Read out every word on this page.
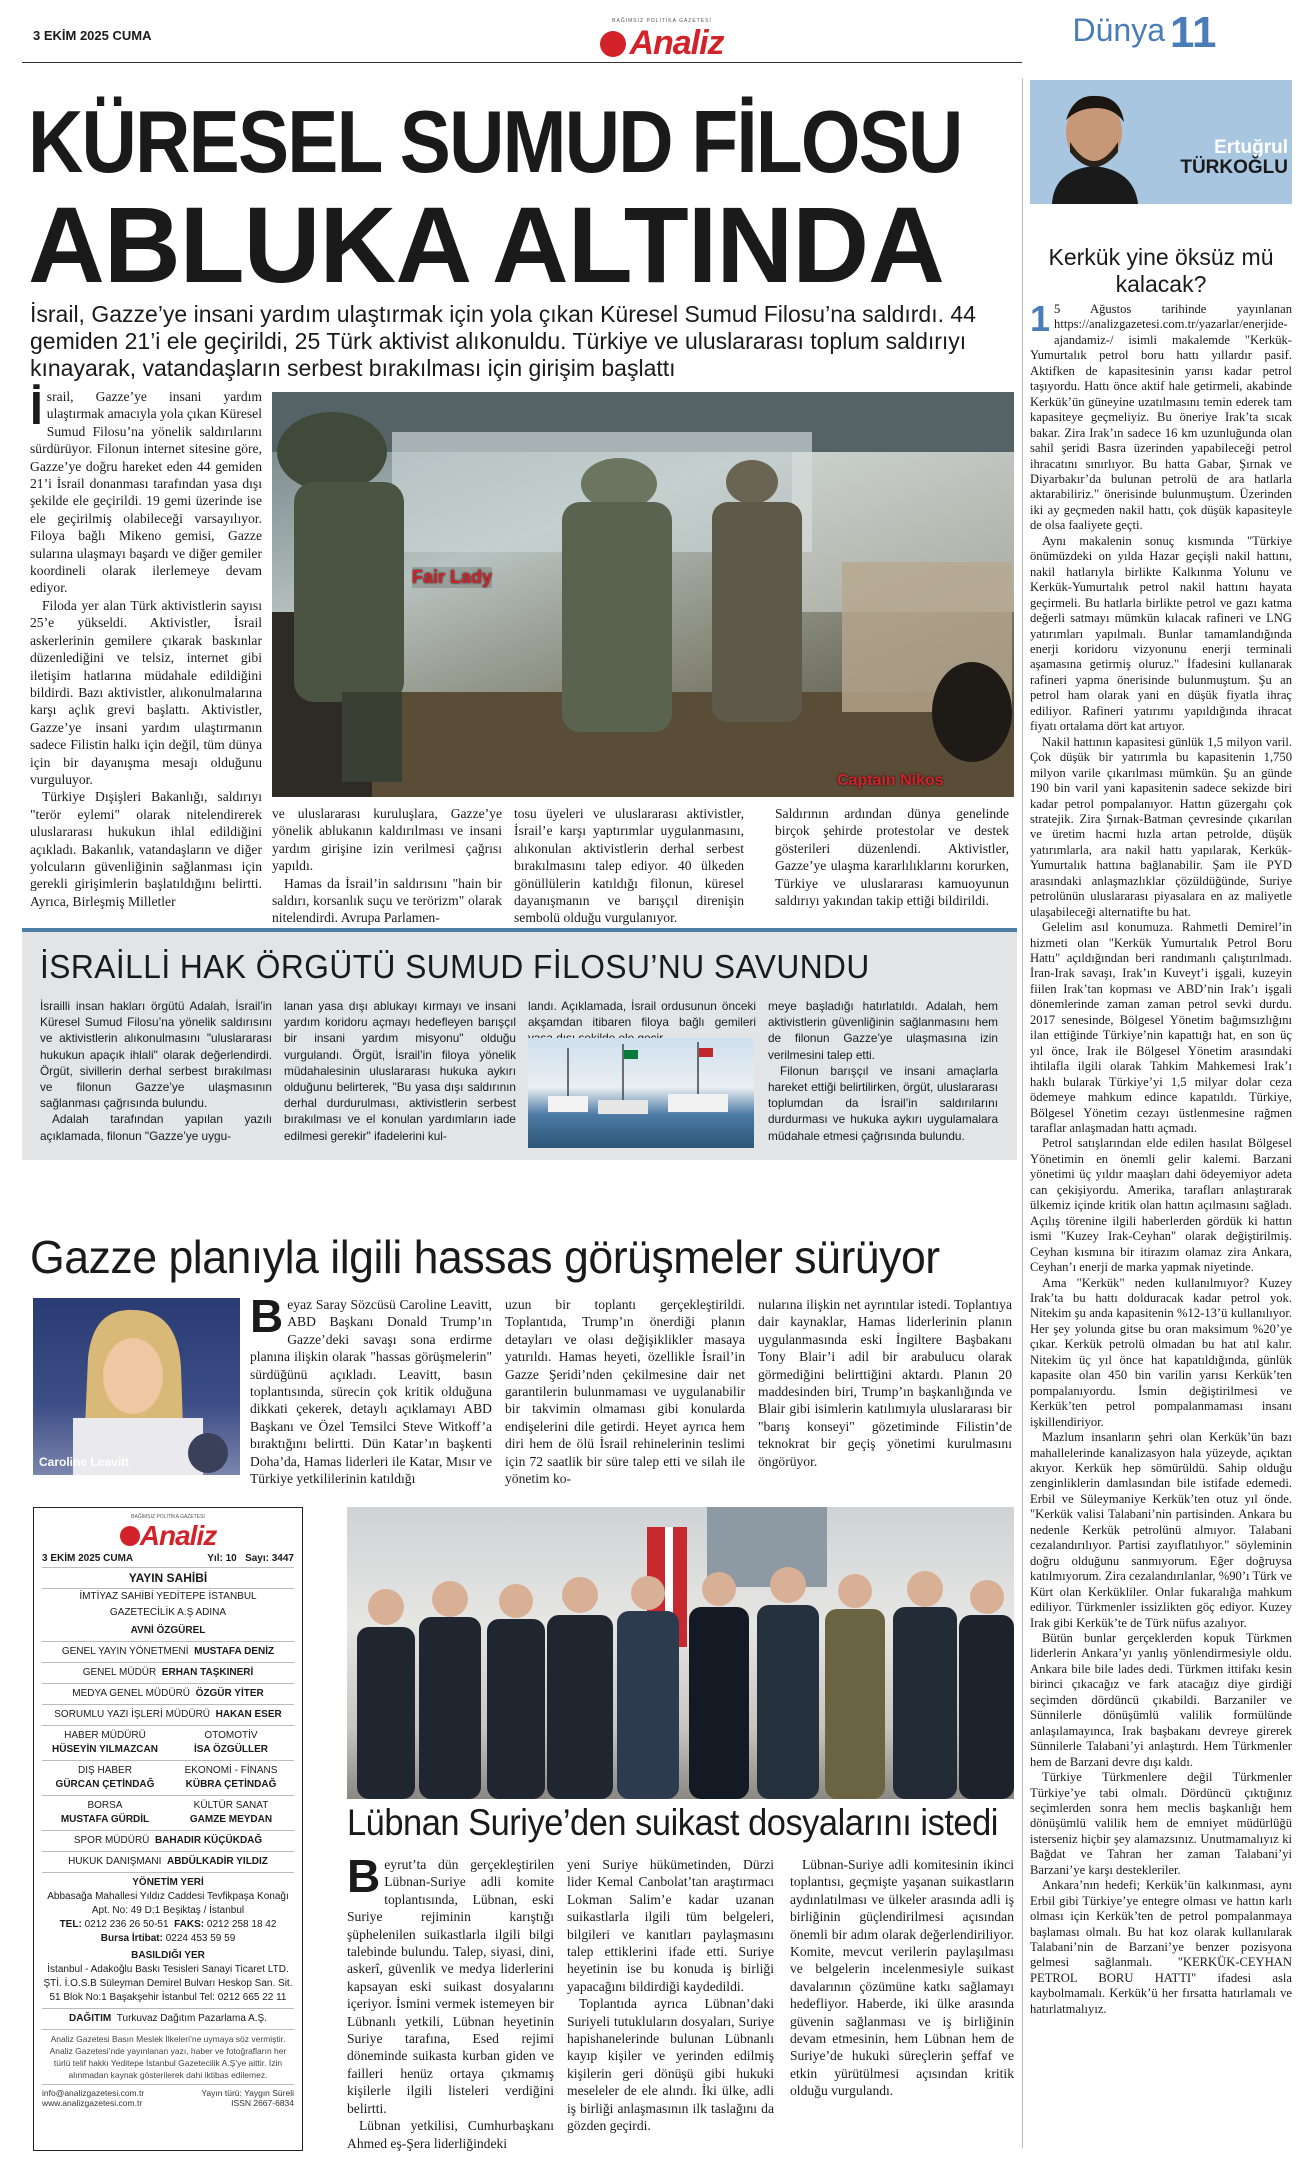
3 EKİM 2025 CUMA
BAĞIMSIZ POLİTİKA GAZETESİ
Analiz	Dünya 11
KÜRESEL SUMUD FİLOSU
ABLUKA ALTINDA
İsrail, Gazze’ye insani yardım ulaştırmak için yola çıkan Küresel Sumud Filosu’na saldırdı. 44 gemiden 21’i ele geçirildi, 25 Türk aktivist alıkonuldu. Türkiye ve uluslararası toplum saldırıyı kınayarak, vatandaşların serbest bırakılması için girişim başlattı
Fair Lady
Captain Nikos

İsrail, Gazze’ye insani yardım ulaştırmak amacıyla yola çıkan Küresel Sumud Filosu’na yönelik saldırılarını sürdürüyor. Filonun internet sitesine göre, Gazze’ye doğru hareket eden 44 gemiden 21’i İsrail donanması tarafından yasa dışı şekilde ele geçirildi. 19 gemi üzerinde ise ele geçirilmiş olabileceği varsayılıyor. Filoya bağlı Mikeno gemisi, Gazze sularına ulaşmayı başardı ve diğer gemiler koordineli olarak ilerlemeye devam ediyor.

Filoda yer alan Türk aktivistlerin sayısı 25’e yükseldi. Aktivistler, İsrail askerlerinin gemilere çıkarak baskınlar düzenlediğini ve telsiz, internet gibi iletişim hatlarına müdahale edildiğini bildirdi. Bazı aktivistler, alıkonulmalarına karşı açlık grevi başlattı. Aktivistler, Gazze’ye insani yardım ulaştırmanın sadece Filistin halkı için değil, tüm dünya için bir dayanışma mesajı olduğunu vurguluyor.

Türkiye Dışişleri Bakanlığı, saldırıyı "terör eylemi" olarak nitelendirerek uluslararası hukukun ihlal edildiğini açıkladı. Bakanlık, vatandaşların ve diğer yolcuların güvenliğinin sağlanması için gerekli girişimlerin başlatıldığını belirtti. Ayrıca, Birleşmiş Milletler

ve uluslararası kuruluşlara, Gazze’ye yönelik ablukanın kaldırılması ve insani yardım girişine izin verilmesi çağrısı yapıldı.

Hamas da İsrail’in saldırısını "hain bir saldırı, korsanlık suçu ve terörizm" olarak nitelendirdi. Avrupa Parlamen-

tosu üyeleri ve uluslararası aktivistler, İsrail’e karşı yaptırımlar uygulanmasını, alıkonulan aktivistlerin derhal serbest bırakılmasını talep ediyor. 40 ülkeden gönüllülerin katıldığı filonun, küresel dayanışmanın ve barışçıl direnişin sembolü olduğu vurgulanıyor.

Saldırının ardından dünya genelinde birçok şehirde protestolar ve destek gösterileri düzenlendi. Aktivistler, Gazze’ye ulaşma kararlılıklarını korurken, Türkiye ve uluslararası kamuoyunun saldırıyı yakından takip ettiği bildirildi.

İSRAİLLİ HAK ÖRGÜTÜ SUMUD FİLOSU’NU SAVUNDU

İsrailli insan hakları örgütü Adalah, İsrail’in Küresel Sumud Filosu’na yönelik saldırısını ve aktivistlerin alıkonulmasını "uluslararası hukukun apaçık ihlali" olarak değerlendirdi. Örgüt, sivillerin derhal serbest bırakılması ve filonun Gazze’ye ulaşmasının sağlanması çağrısında bulundu.

Adalah tarafından yapılan yazılı açıklamada, filonun "Gazze’ye uygu-

lanan yasa dışı ablukayı kırmayı ve insani yardım koridoru açmayı hedefleyen barışçıl bir insani yardım misyonu" olduğu vurgulandı. Örgüt, İsrail’in filoya yönelik müdahalesinin uluslararası hukuka aykırı olduğunu belirterek, "Bu yasa dışı saldırının derhal durdurulması, aktivistlerin serbest bırakılması ve el konulan yardımların iade edilmesi gerekir" ifadelerini kul-

landı. Açıklamada, İsrail ordusunun önceki akşamdan itibaren filoya bağlı gemileri

meye başladığı hatırlatıldı. Adalah, hem aktivistlerin güvenliğinin sağlanmasını hem de filonun Gazze’ye ulaşmasına izin verilmesini talep etti.

Filonun barışçıl ve insani amaçlarla hareket ettiği belirtilirken, örgüt, uluslararası toplumdan da İsrail’in saldırılarını durdurması ve hukuka aykırı uygulamalara müdahale etmesi çağrısında bulundu.

Gazze planıyla ilgili hassas görüşmeler sürüyor
Caroline Leavitt

Beyaz Saray Sözcüsü Caroline Leavitt, ABD Başkanı Donald Trump’ın Gazze’deki savaşı sona erdirme planına ilişkin olarak "hassas görüşmelerin" sürdüğünü açıkladı. Leavitt, basın toplantısında, sürecin çok kritik olduğuna dikkati çekerek, detaylı açıklamayı ABD Başkanı ve Özel Temsilci Steve Witkoff’a bıraktığını belirtti. Dün Katar’ın başkenti Doha’da, Hamas liderleri ile Katar, Mısır ve Türkiye yetkililerinin katıldığı

uzun bir toplantı gerçekleştirildi. Toplantıda, Trump’ın önerdiği planın detayları ve olası değişiklikler masaya yatırıldı. Hamas heyeti, özellikle İsrail’in Gazze Şeridi’nden çekilmesine dair net garantilerin bulunmaması ve uygulanabilir bir takvimin olmaması gibi konularda endişelerini dile getirdi. Heyet ayrıca hem diri hem de ölü İsrail rehinelerinin teslimi için 72 saatlik bir süre talep etti ve silah ile yönetim ko-

nularına ilişkin net ayrıntılar istedi. Toplantıya dair kaynaklar, Hamas liderlerinin planın uygulanmasında eski İngiltere Başbakanı Tony Blair’i adil bir arabulucu olarak görmediğini belirttiğini aktardı. Planın 20 maddesinden biri, Trump’ın başkanlığında ve Blair gibi isimlerin katılımıyla uluslararası bir "barış konseyi" gözetiminde Filistin’de teknokrat bir geçiş yönetimi kurulmasını öngörüyor.

BAĞIMSIZ POLİTİKA GAZETESİ
Analiz
3 EKİM 2025 CUMA	Yıl: 10 Sayı: 3447
YAYIN SAHİBİ
İMTİYAZ SAHİBİ YEDİTEPE İSTANBUL
GAZETECİLİK A.Ş ADINA
AVNİ ÖZGÜREL
GENEL YAYIN YÖNETMENİ MUSTAFA DENİZ
GENEL MÜDÜR ERHAN TAŞKINERİ
MEDYA GENEL MÜDÜRÜ ÖZGÜR YİTER
SORUMLU YAZI İŞLERİ MÜDÜRÜ HAKAN ESER
HABER MÜDÜRÜ
HÜSEYİN YILMAZCAN
OTOMOTİV
İSA ÖZGÜLLER
DIŞ HABER
GÜRCAN ÇETİNDAĞ
EKONOMİ - FİNANS
KÜBRA ÇETİNDAĞ
BORSA
MUSTAFA GÜRDİL
KÜLTÜR SANAT
GAMZE MEYDAN
SPOR MÜDÜRÜ BAHADIR KÜÇÜKDAĞ
HUKUK DANIŞMANI ABDÜLKADİR YILDIZ
YÖNETİM YERİ
Abbasağa Mahallesi Yıldız Caddesi Tevfikpaşa Konağı Apt. No: 49 D:1 Beşiktaş / İstanbul
TEL: 0212 236 26 50-51 FAKS: 0212 258 18 42
Bursa İrtibat: 0224 453 59 59
BASILDIĞI YER
İstanbul - Adakoğlu Baskı Tesisleri Sanayi Ticaret LTD. ŞTİ. İ.O.S.B Süleyman Demirel Bulvarı Heskop San. Sit. 51 Blok No:1 Başakşehir İstanbul Tel: 0212 665 22 11
DAĞITIM Turkuvaz Dağıtım Pazarlama A.Ş.
Analiz Gazetesi Basın Meslek İlkeleri’ne uymaya söz vermiştir. Analiz Gazetesi’nde yayınlanan yazı, haber ve fotoğrafların her türlü telif hakkı Yeditepe İstanbul Gazetecilik A.Ş’ye aittir. İzin alınmadan kaynak gösterilerek dahi iktibas edilemez.
info@analizgazetesi.com.tr
www.analizgazetesi.com.tr
Yayın türü: Yaygın Süreli
ISSN 2667-6834
Lübnan Suriye’den suikast dosyalarını istedi

Beyrut’ta dün gerçekleştirilen Lübnan-Suriye adli komite toplantısında, Lübnan, eski Suriye rejiminin karıştığı şüphelenilen suikastlarla ilgili bilgi talebinde bulundu. Talep, siyasi, dini, askerî, güvenlik ve medya liderlerini kapsayan eski suikast dosyalarını içeriyor. İsmini vermek istemeyen bir Lübnanlı yetkili, Lübnan heyetinin Suriye tarafına, Esed rejimi döneminde suikasta kurban giden ve failleri henüz ortaya çıkmamış kişilerle ilgili listeleri verdiğini belirtti.

Lübnan yetkilisi, Cumhurbaşkanı Ahmed eş-Şera liderliğindeki

yeni Suriye hükümetinden, Dürzi lider Kemal Canbolat’tan araştırmacı Lokman Salim’e kadar uzanan suikastlarla ilgili tüm belgeleri, bilgileri ve kanıtları paylaşmasını talep ettiklerini ifade etti. Suriye heyetinin ise bu konuda iş birliği yapacağını bildirdiği kaydedildi.

Toplantıda ayrıca Lübnan’daki Suriyeli tutukluların dosyaları, Suriye hapishanelerinde bulunan Lübnanlı kayıp kişiler ve yerinden edilmiş kişilerin geri dönüşü gibi hukuki meseleler de ele alındı. İki ülke, adli iş birliği anlaşmasının ilk taslağını da gözden geçirdi.

Lübnan-Suriye adli komitesinin ikinci toplantısı, geçmişte yaşanan suikastların aydınlatılması ve ülkeler arasında adli iş birliğinin güçlendirilmesi açısından önemli bir adım olarak değerlendiriliyor. Komite, mevcut verilerin paylaşılması ve belgelerin incelenmesiyle suikast davalarının çözümüne katkı sağlamayı hedefliyor. Haberde, iki ülke arasında güvenin sağlanması ve iş birliğinin devam etmesinin, hem Lübnan hem de Suriye’de hukuki süreçlerin şeffaf ve etkin yürütülmesi açısından kritik olduğu vurgulandı.

Ertuğrul
TÜRKOĞLU
Kerkük yine öksüz mü kalacak?

1 5 Ağustos tarihinde yayınlanan https://analizgazetesi.com.tr/yazarlar/enerjide-ajandamiz-/ isimli makalemde "Kerkük-Yumurtalık petrol boru hattı yıllardır pasif. Aktifken de kapasitesinin yarısı kadar petrol taşıyordu. Hattı önce aktif hale getirmeli, akabinde Kerkük’ün güneyine uzatılmasını temin ederek tam kapasiteye geçmeliyiz. Bu öneriye Irak’ta sıcak bakar. Zira Irak’ın sadece 16 km uzunluğunda olan sahil şeridi Basra üzerinden yapabileceği petrol ihracatını sınırlıyor. Bu hatta Gabar, Şırnak ve Diyarbakır’da bulunan petrolü de ara hatlarla aktarabiliriz." önerisinde bulunmuştum. Üzerinden iki ay geçmeden nakil hattı, çok düşük kapasiteyle de olsa faaliyete geçti.

Aynı makalenin sonuç kısmında "Türkiye önümüzdeki on yılda Hazar geçişli nakil hattını, nakil hatlarıyla birlikte Kalkınma Yolunu ve Kerkük-Yumurtalık petrol nakil hattını hayata geçirmeli. Bu hatlarla birlikte petrol ve gazı katma değerli satmayı mümkün kılacak rafineri ve LNG yatırımları yapılmalı. Bunlar tamamlandığında enerji koridoru vizyonunu enerji terminali aşamasına getirmiş oluruz." İfadesini kullanarak rafineri yapma önerisinde bulunmuştum. Şu an petrol ham olarak yani en düşük fiyatla ihraç ediliyor. Rafineri yatırımı yapıldığında ihracat fiyatı ortalama dört kat artıyor.

Nakil hattının kapasitesi günlük 1,5 milyon varil. Çok düşük bir yatırımla bu kapasitenin 1,750 milyon varile çıkarılması mümkün. Şu an günde 190 bin varil yani kapasitenin sadece sekizde biri kadar petrol pompalanıyor. Hattın güzergahı çok stratejik. Zira Şırnak-Batman çevresinde çıkarılan ve üretim hacmi hızla artan petrolde, düşük yatırımlarla, ara nakil hattı yapılarak, Kerkük-Yumurtalık hattına bağlanabilir. Şam ile PYD arasındaki anlaşmazlıklar çözüldüğünde, Suriye petrolünün uluslararası piyasalara en az maliyetle ulaşabileceği alternatifte bu hat.

Gelelim asıl konumuza. Rahmetli Demirel’in hizmeti olan "Kerkük Yumurtalık Petrol Boru Hattı" açıldığından beri randımanlı çalıştırılmadı. İran-Irak savaşı, Irak’ın Kuveyt’i işgali, kuzeyin fiilen Irak’tan kopması ve ABD’nin Irak’ı işgali dönemlerinde zaman zaman petrol sevki durdu. 2017 senesinde, Bölgesel Yönetim bağımsızlığını ilan ettiğinde Türkiye’nin kapattığı hat, en son üç yıl önce, Irak ile Bölgesel Yönetim arasındaki ihtilafla ilgili olarak Tahkim Mahkemesi Irak’ı haklı bularak Türkiye’yi 1,5 milyar dolar ceza ödemeye mahkum edince kapatıldı. Türkiye, Bölgesel Yönetim cezayı üstlenmesine rağmen taraflar anlaşmadan hattı açmadı.

Petrol satışlarından elde edilen hasılat Bölgesel Yönetimin en önemli gelir kalemi. Barzani yönetimi üç yıldır maaşları dahi ödeyemiyor adeta can çekişiyordu. Amerika, tarafları anlaştırarak ülkemiz içinde kritik olan hattın açılmasını sağladı. Açılış törenine ilgili haberlerden gördük ki hattın ismi "Kuzey Irak-Ceyhan" olarak değiştirilmiş. Ceyhan kısmına bir itirazım olamaz zira Ankara, Ceyhan’ı enerji de marka yapmak niyetinde.

Ama "Kerkük" neden kullanılmıyor? Kuzey Irak’ta bu hattı dolduracak kadar petrol yok. Nitekim şu anda kapasitenin %12-13’ü kullanılıyor. Her şey yolunda gitse bu oran maksimum %20’ye çıkar. Kerkük petrolü olmadan bu hat atıl kalır. Nitekim üç yıl önce hat kapatıldığında, günlük kapasite olan 450 bin varilin yarısı Kerkük’ten pompalanıyordu. İsmin değiştirilmesi ve Kerkük’ten petrol pompalanmaması insanı işkillendiriyor.

Mazlum insanların şehri olan Kerkük’ün bazı mahallelerinde kanalizasyon hala yüzeyde, açıktan akıyor. Kerkük hep sömürüldü. Sahip olduğu zenginliklerin damlasından bile istifade edemedi. Erbil ve Süleymaniye Kerkük’ten otuz yıl önde. "Kerkük valisi Talabani’nin partisinden. Ankara bu nedenle Kerkük petrolünü almıyor. Talabani cezalandırılıyor. Partisi zayıflatılıyor." söyleminin doğru olduğunu sanmıyorum. Eğer doğruysa katılmıyorum. Zira cezalandırılanlar, %90’ı Türk ve Kürt olan Kerkükliler. Onlar fukaralığa mahkum ediliyor. Türkmenler issizlikten göç ediyor. Kuzey Irak gibi Kerkük’te de Türk nüfus azalıyor.

Bütün bunlar gerçeklerden kopuk Türkmen liderlerin Ankara’yı yanlış yönlendirmesiyle oldu. Ankara bile bile lades dedi. Türkmen ittifakı kesin birinci çıkacağız ve fark atacağız diye girdiği seçimden dördüncü çıkabildi. Barzaniler ve Sünnilerle dönüşümlü valilik formülünde anlaşılamayınca, Irak başbakanı devreye girerek Sünnilerle Talabani’yi anlaştırdı. Hem Türkmenler hem de Barzani devre dışı kaldı.

Türkiye Türkmenlere değil Türkmenler Türkiye’ye tabi olmalı. Dördüncü çıktığınız seçimlerden sonra hem meclis başkanlığı hem dönüşümlü valilik hem de emniyet müdürlüğü isterseniz hiçbir şey alamazsınız. Unutmamalıyız ki Bağdat ve Tahran her zaman Talabani’yi Barzani’ye karşı destekleriler.

Ankara’nın hedefi; Kerkük’ün kalkınması, aynı Erbil gibi Türkiye’ye entegre olması ve hattın karlı olması için Kerkük’ten de petrol pompalanmaya başlaması olmalı. Bu hat koz olarak kullanılarak Talabani’nin de Barzani’ye benzer pozisyona gelmesi sağlanmalı. "KERKÜK-CEYHAN PETROL BORU HATTI" ifadesi asla kaybolmamalı. Kerkük’ü her fırsatta hatırlamalı ve hatırlatmalıyız.
